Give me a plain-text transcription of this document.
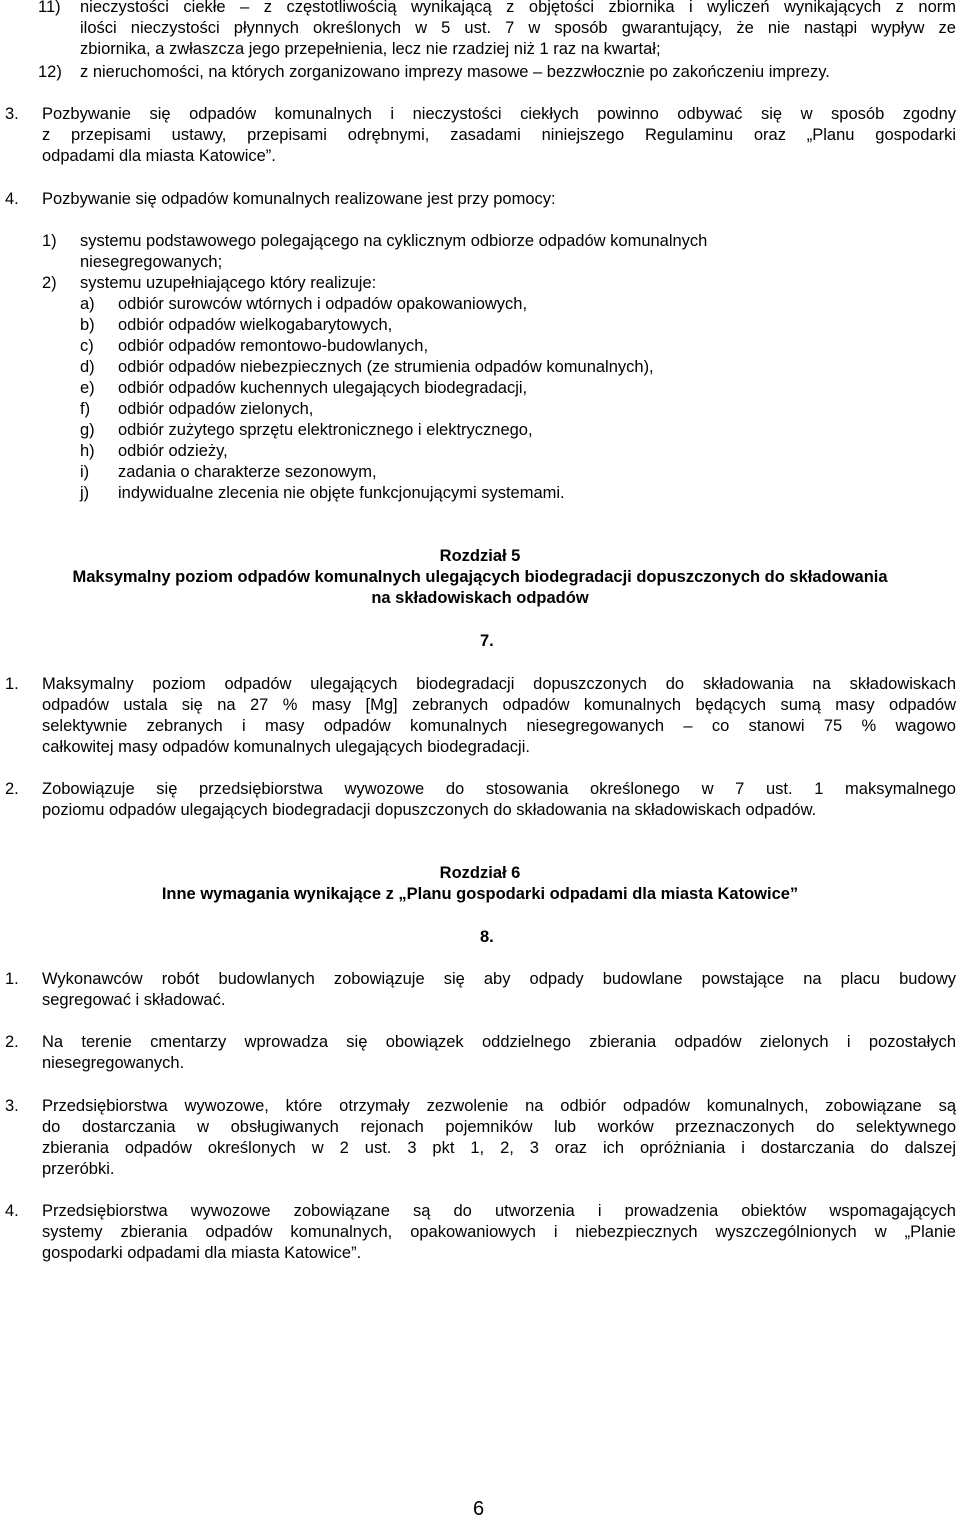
11) nieczystości ciekłe – z częstotliwością wynikającą z objętości zbiornika i wyliczeń wynikających z norm
ilości nieczystości płynnych określonych w 5 ust. 7 w sposób gwarantujący, że nie nastąpi wypływ ze
zbiornika, a zwłaszcza jego przepełnienia, lecz nie rzadziej niż 1 raz na kwartał;
12) z nieruchomości, na których zorganizowano imprezy masowe – bezzwłocznie po zakończeniu imprezy.
3. Pozbywanie się odpadów komunalnych i nieczystości ciekłych powinno odbywać się w sposób zgodny
z przepisami ustawy, przepisami odrębnymi, zasadami niniejszego Regulaminu oraz „Planu gospodarki
odpadami dla miasta Katowice”.
4. Pozbywanie się odpadów komunalnych realizowane jest przy pomocy:
1) systemu podstawowego polegającego na cyklicznym odbiorze odpadów komunalnych
niesegregowanych;
2) systemu uzupełniającego który realizuje:
a) odbiór surowców wtórnych i odpadów opakowaniowych,
b) odbiór odpadów wielkogabarytowych,
c) odbiór odpadów remontowo-budowlanych,
d) odbiór odpadów niebezpiecznych (ze strumienia odpadów komunalnych),
e) odbiór odpadów kuchennych ulegających biodegradacji,
f) odbiór odpadów zielonych,
g) odbiór zużytego sprzętu elektronicznego i elektrycznego,
h) odbiór odzieży,
i) zadania o charakterze sezonowym,
j) indywidualne zlecenia nie objęte funkcjonującymi systemami.
Rozdział 5
Maksymalny poziom odpadów komunalnych ulegających biodegradacji dopuszczonych do składowania
na składowiskach odpadów
7.
1. Maksymalny poziom odpadów ulegających biodegradacji dopuszczonych do składowania na składowiskach
odpadów ustala się na 27 % masy [Mg] zebranych odpadów komunalnych będących sumą masy odpadów
selektywnie zebranych i masy odpadów komunalnych niesegregowanych – co stanowi 75 % wagowo
całkowitej masy odpadów komunalnych ulegających biodegradacji.
2. Zobowiązuje się przedsiębiorstwa wywozowe do stosowania określonego w 7 ust. 1 maksymalnego
poziomu odpadów ulegających biodegradacji dopuszczonych do składowania na składowiskach odpadów.
Rozdział 6
Inne wymagania wynikające z „Planu gospodarki odpadami dla miasta Katowice”
8.
1. Wykonawców robót budowlanych zobowiązuje się aby odpady budowlane powstające na placu budowy
segregować i składować.
2. Na terenie cmentarzy wprowadza się obowiązek oddzielnego zbierania odpadów zielonych i pozostałych
niesegregowanych.
3. Przedsiębiorstwa wywozowe, które otrzymały zezwolenie na odbiór odpadów komunalnych, zobowiązane są
do dostarczania w obsługiwanych rejonach pojemników lub worków przeznaczonych do selektywnego
zbierania odpadów określonych w 2 ust. 3 pkt 1, 2, 3 oraz ich opróżniania i dostarczania do dalszej
przeróbki.
4. Przedsiębiorstwa wywozowe zobowiązane są do utworzenia i prowadzenia obiektów wspomagających
systemy zbierania odpadów komunalnych, opakowaniowych i niebezpiecznych wyszczególnionych w „Planie
gospodarki odpadami dla miasta Katowice”.
6
